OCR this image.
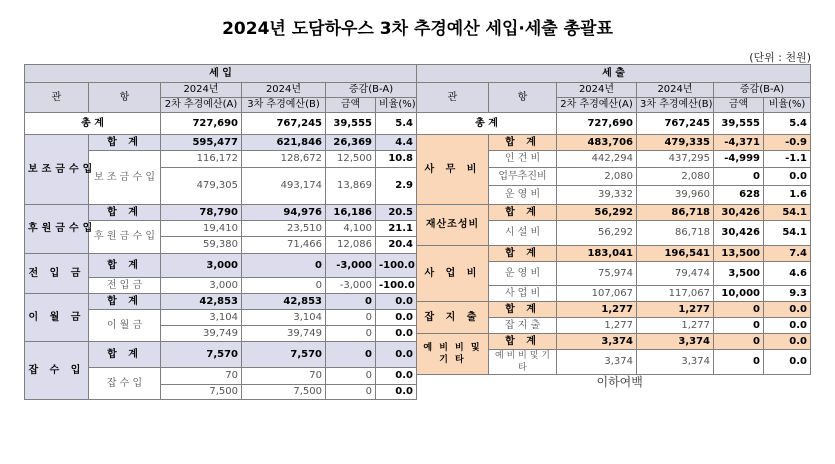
2024년 도담하우스 3차 추경예산 세입·세출 총괄표
(단위 : 천원)
세 입					
관	항	2024년	2024년	증감(B-A)	
		2차 추경예산(A)	3차 추경예산(B)	금액	비율(%)
총 계		727,690	767,245	39,555	5.4
보조금수입	합 계	595,477	621,846	26,369	4.4
	보 조 금 수 입	116,172	128,672	12,500	10.8
		479,305	493,174	13,869	2.9
후원금수입	합 계	78,790	94,976	16,186	20.5
	후 원 금 수 입	19,410	23,510	4,100	21.1
		59,380	71,466	12,086	20.4
전 입 금	합 계	3,000	0	-3,000	-100.0
	전 입 금	3,000	0	-3,000	-100.0
이 월 금	합 계	42,853	42,853	0	0.0
	이 월 금	3,104	3,104	0	0.0
		39,749	39,749	0	0.0
잡 수 입	합 계	7,570	7,570	0	0.0
	잡 수 입	70	70	0	0.0
		7,500	7,500	0	0.0
세 출					
관	항	2024년	2024년	증감(B-A)	
		2차 추경예산(A)	3차 추경예산(B)	금액	비율(%)
총 계		727,690	767,245	39,555	5.4
사 무 비	합 계	483,706	479,335	-4,371	-0.9
	인 건 비	442,294	437,295	-4,999	-1.1
	업무추진비	2,080	2,080	0	0.0
	운 영 비	39,332	39,960	628	1.6
재산조성비	합 계	56,292	86,718	30,426	54.1
	시 설 비	56,292	86,718	30,426	54.1
사 업 비	합 계	183,041	196,541	13,500	7.4
	운 영 비	75,974	79,474	3,500	4.6
	사 업 비	107,067	117,067	10,000	9.3
잡 지 출	합 계	1,277	1,277	0	0.0
	잡 지 출	1,277	1,277	0	0.0
예 비 비 및 기 타	합 계	3,374	3,374	0	0.0
	예 비 비 및 기 타	3,374	3,374	0	0.0
	이하여백				
